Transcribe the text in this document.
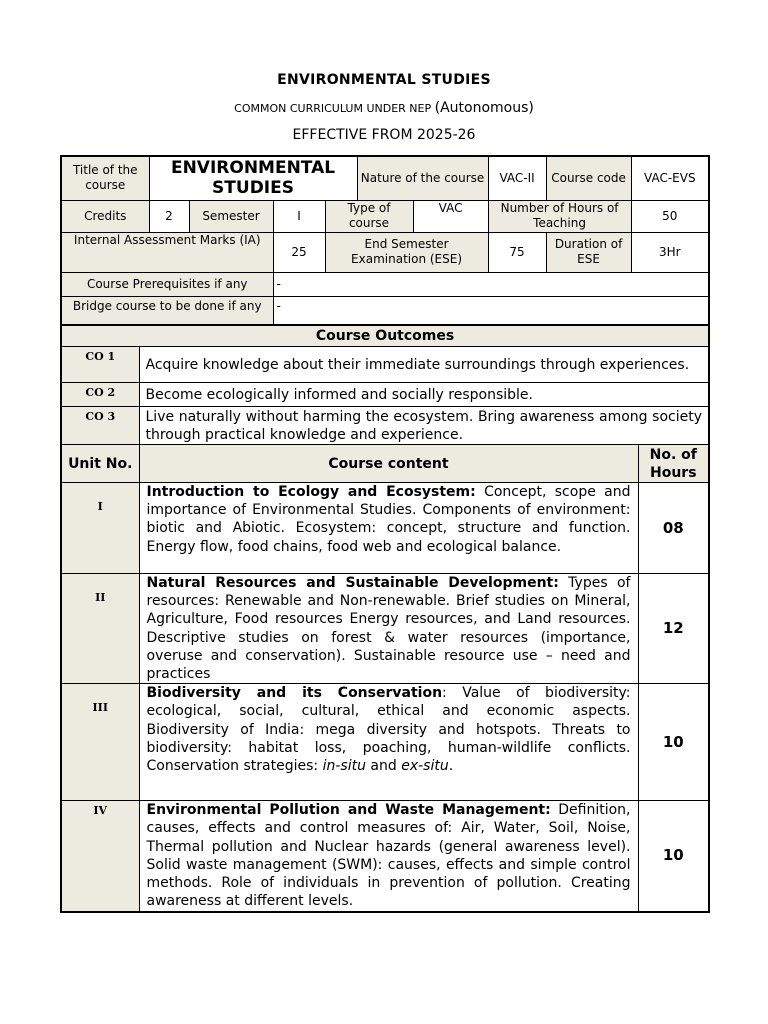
ENVIRONMENTAL STUDIES
COMMON CURRICULUM UNDER NEP (Autonomous)
EFFECTIVE FROM 2025-26
Title of the course	ENVIRONMENTAL STUDIES				Nature of the course		VAC-II	Course code	VAC-EVS
Credits	2	Semester	I	Type of course		VAC	Number of Hours of Teaching		50
Internal Assessment Marks (IA)			25	End Semester Examination (ESE)			75	Duration of ESE	3Hr
Course Prerequisites if any			-						
Bridge course to be done if any			-						
Course Outcomes		
CO 1	Acquire knowledge about their immediate surroundings through experiences.	
CO 2	Become ecologically informed and socially responsible.	
CO 3	Live naturally without harming the ecosystem. Bring awareness among society through practical knowledge and experience.	
Unit No.	Course content	No. of Hours
I	Introduction to Ecology and Ecosystem: Concept, scope and importance of Environmental Studies. Components of environment: biotic and Abiotic. Ecosystem: concept, structure and function. Energy flow, food chains, food web and ecological balance.	08
II	Natural Resources and Sustainable Development: Types of resources: Renewable and Non-renewable. Brief studies on Mineral, Agriculture, Food resources Energy resources, and Land resources. Descriptive studies on forest & water resources (importance, overuse and conservation). Sustainable resource use – need and practices	12
III	Biodiversity and its Conservation: Value of biodiversity: ecological, social, cultural, ethical and economic aspects. Biodiversity of India: mega diversity and hotspots. Threats to biodiversity: habitat loss, poaching, human-wildlife conflicts. Conservation strategies: in-situ and ex-situ.	10
IV	Environmental Pollution and Waste Management: Definition, causes, effects and control measures of: Air, Water, Soil, Noise, Thermal pollution and Nuclear hazards (general awareness level). Solid waste management (SWM): causes, effects and simple control methods. Role of individuals in prevention of pollution. Creating awareness at different levels.	10
